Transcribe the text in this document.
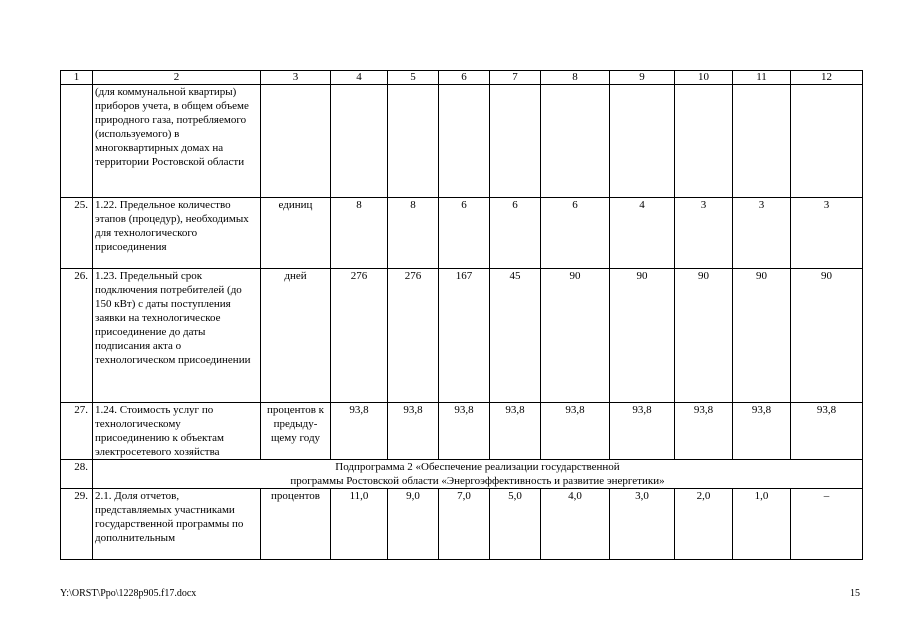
1	2	3	4	5	6	7	8	9	10	11	12
	(для коммунальной квартиры) приборов учета, в общем объеме природного газа, потребляемого (используемого) в многоквартирных домах на территории Ростовской области										
25.	1.22. Предельное количество этапов (процедур), необходимых для технологического присоединения	единиц	8	8	6	6	6	4	3	3	3
26.	1.23. Предельный срок подключения потребителей (до 150 кВт) с даты поступления заявки на технологическое присоединение до даты подписания акта о технологическом присоединении	дней	276	276	167	45	90	90	90	90	90
27.	1.24. Стоимость услуг по технологическому присоединению к объектам электросетевого хозяйства	процентов к предыду-щему году	93,8	93,8	93,8	93,8	93,8	93,8	93,8	93,8	93,8
28.	Подпрограмма 2 «Обеспечение реализации государственной
программы Ростовской области «Энергоэффективность и развитие энергетики»										

29.	2.1. Доля отчетов, представляемых участниками государственной программы по дополнительным	процентов	11,0	9,0	7,0	5,0	4,0	3,0	2,0	1,0	–
Y:\ORST\Ppo\1228p905.f17.docx	15
